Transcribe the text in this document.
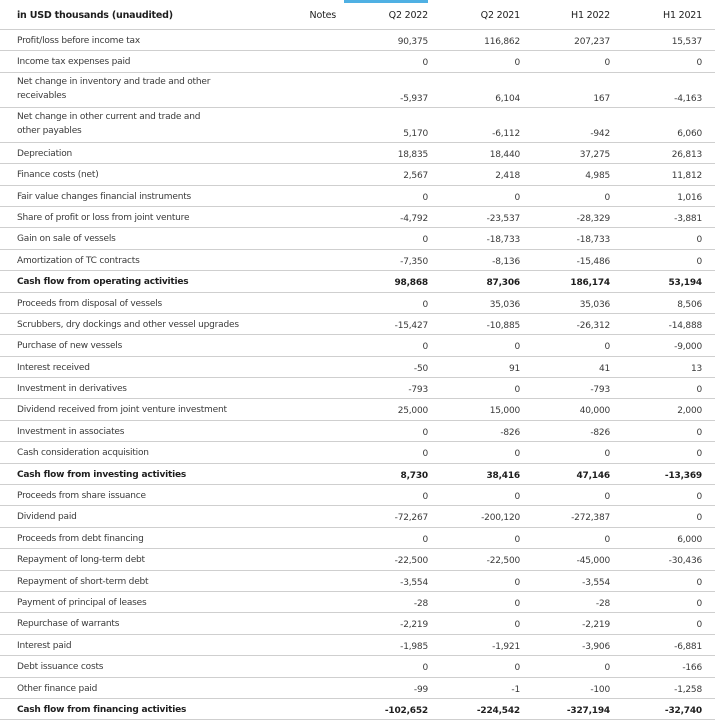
in USD thousands (unaudited)	Notes	Q2 2022	Q2 2021	H1 2022	H1 2021
Profit/loss before income tax	90,375	116,862	207,237	15,537
Income tax expenses paid	0	0	0	0
Net change in inventory and trade and other receivables	-5,937	6,104	167	-4,163
Net change in other current and trade and other payables	5,170	-6,112	-942	6,060
Depreciation	18,835	18,440	37,275	26,813
Finance costs (net)	2,567	2,418	4,985	11,812
Fair value changes financial instruments	0	0	0	1,016
Share of profit or loss from joint venture	-4,792	-23,537	-28,329	-3,881
Gain on sale of vessels	0	-18,733	-18,733	0
Amortization of TC contracts	-7,350	-8,136	-15,486	0
Cash flow from operating activities	98,868	87,306	186,174	53,194
Proceeds from disposal of vessels	0	35,036	35,036	8,506
Scrubbers, dry dockings and other vessel upgrades	-15,427	-10,885	-26,312	-14,888
Purchase of new vessels	0	0	0	-9,000
Interest received	-50	91	41	13
Investment in derivatives	-793	0	-793	0
Dividend received from joint venture investment	25,000	15,000	40,000	2,000
Investment in associates	0	-826	-826	0
Cash consideration acquisition	0	0	0	0
Cash flow from investing activities	8,730	38,416	47,146	-13,369
Proceeds from share issuance	0	0	0	0
Dividend paid	-72,267	-200,120	-272,387	0
Proceeds from debt financing	0	0	0	6,000
Repayment of long-term debt	-22,500	-22,500	-45,000	-30,436
Repayment of short-term debt	-3,554	0	-3,554	0
Payment of principal of leases	-28	0	-28	0
Repurchase of warrants	-2,219	0	-2,219	0
Interest paid	-1,985	-1,921	-3,906	-6,881
Debt issuance costs	0	0	0	-166
Other finance paid	-99	-1	-100	-1,258
Cash flow from financing activities	-102,652	-224,542	-327,194	-32,740
